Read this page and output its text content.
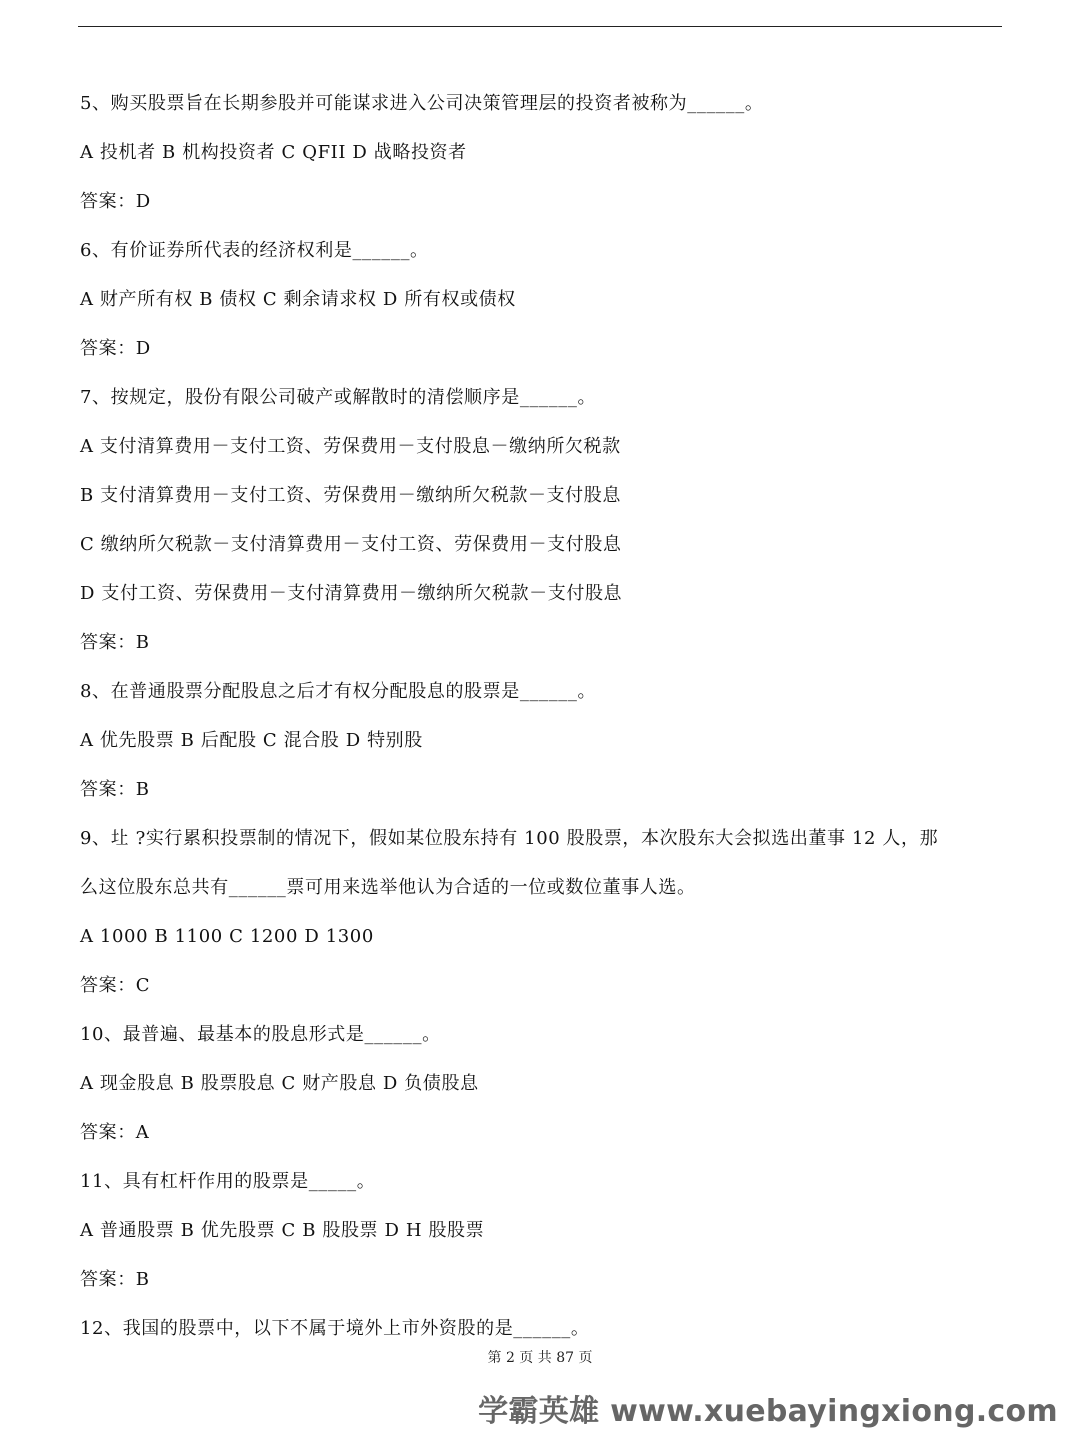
5、购买股票旨在长期参股并可能谋求进入公司决策管理层的投资者被称为______。
A 投机者 B 机构投资者 C QFII D 战略投资者
答案：D
6、有价证券所代表的经济权利是______。
A 财产所有权 B 债权 C 剩余请求权 D 所有权或债权
答案：D
7、按规定，股份有限公司破产或解散时的清偿顺序是______。
A 支付清算费用－支付工资、劳保费用－支付股息－缴纳所欠税款
B 支付清算费用－支付工资、劳保费用－缴纳所欠税款－支付股息
C 缴纳所欠税款－支付清算费用－支付工资、劳保费用－支付股息
D 支付工资、劳保费用－支付清算费用－缴纳所欠税款－支付股息
答案：B
8、在普通股票分配股息之后才有权分配股息的股票是______。
A 优先股票 B 后配股 C 混合股 D 特别股
答案：B
9、圵 ?实行累积投票制的情况下，假如某位股东持有 100 股股票，本次股东大会拟选出董事 12 人，那
么这位股东总共有______票可用来选举他认为合适的一位或数位董事人选。
A 1000 B 1100 C 1200 D 1300
答案：C
10、最普遍、最基本的股息形式是______。
A 现金股息 B 股票股息 C 财产股息 D 负债股息
答案：A
11、具有杠杆作用的股票是_____。
A 普通股票 B 优先股票 C B 股股票 D H 股股票
答案：B
12、我国的股票中，以下不属于境外上市外资股的是______。
第 2 页 共 87 页
学霸英雄 www.xuebayingxiong.com
